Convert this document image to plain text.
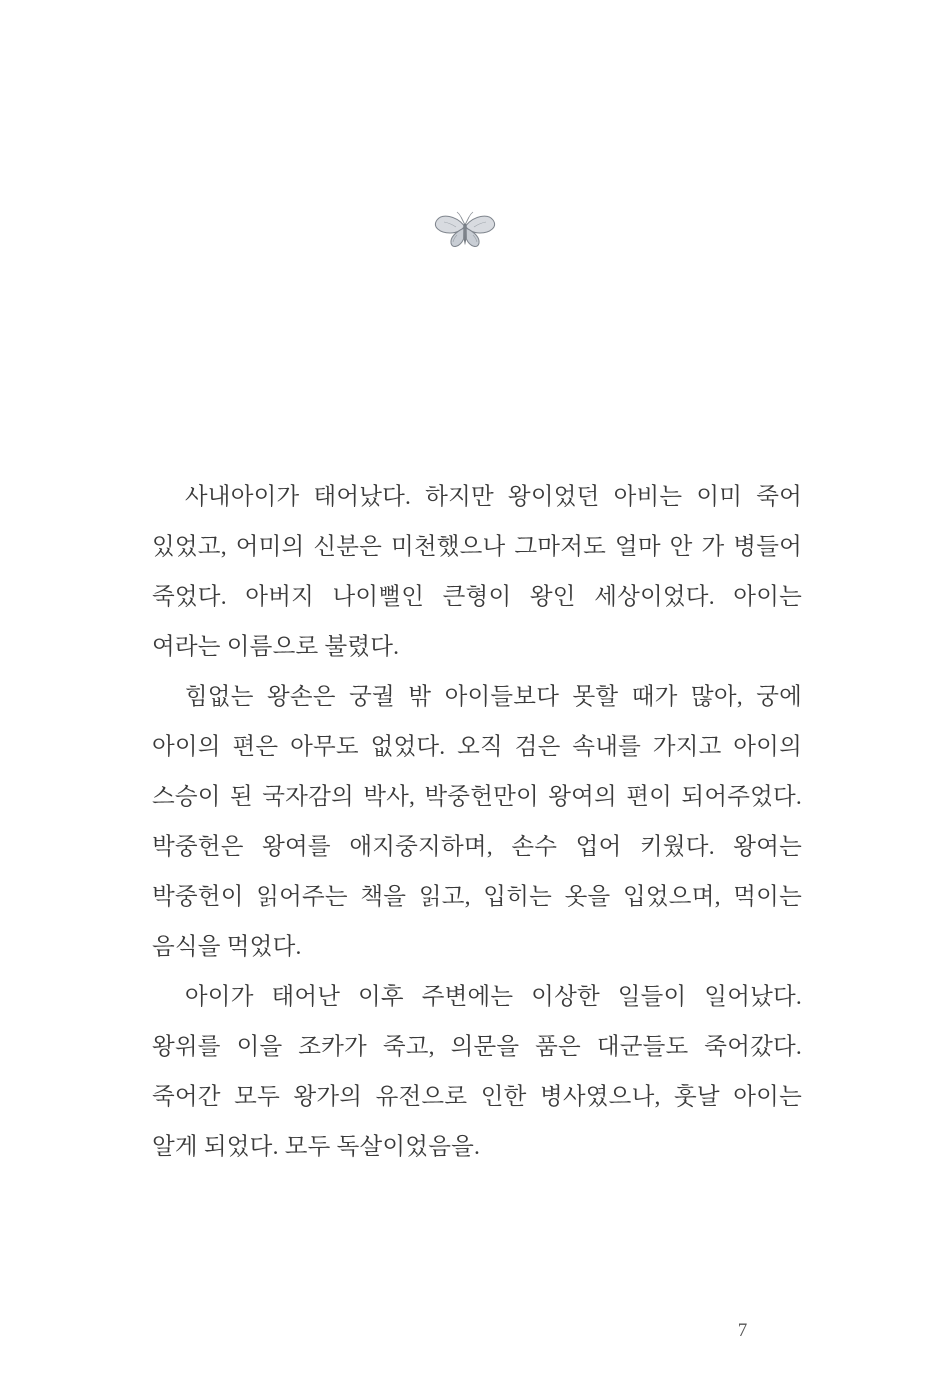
사내아이가 태어났다. 하지만 왕이었던 아비는 이미 죽어 있었고, 어미의 신분은 미천했으나 그마저도 얼마 안 가 병들어 죽었다. 아버지 나이뻘인 큰형이 왕인 세상이었다. 아이는 여라는 이름으로 불렸다.

힘없는 왕손은 궁궐 밖 아이들보다 못할 때가 많아, 궁에 아이의 편은 아무도 없었다. 오직 검은 속내를 가지고 아이의 스승이 된 국자감의 박사, 박중헌만이 왕여의 편이 되어주었다. 박중헌은 왕여를 애지중지하며, 손수 업어 키웠다. 왕여는 박중헌이 읽어주는 책을 읽고, 입히는 옷을 입었으며, 먹이는 음식을 먹었다.

아이가 태어난 이후 주변에는 이상한 일들이 일어났다. 왕위를 이을 조카가 죽고, 의문을 품은 대군들도 죽어갔다. 죽어간 모두 왕가의 유전으로 인한 병사였으나, 훗날 아이는 알게 되었다. 모두 독살이었음을.

7
